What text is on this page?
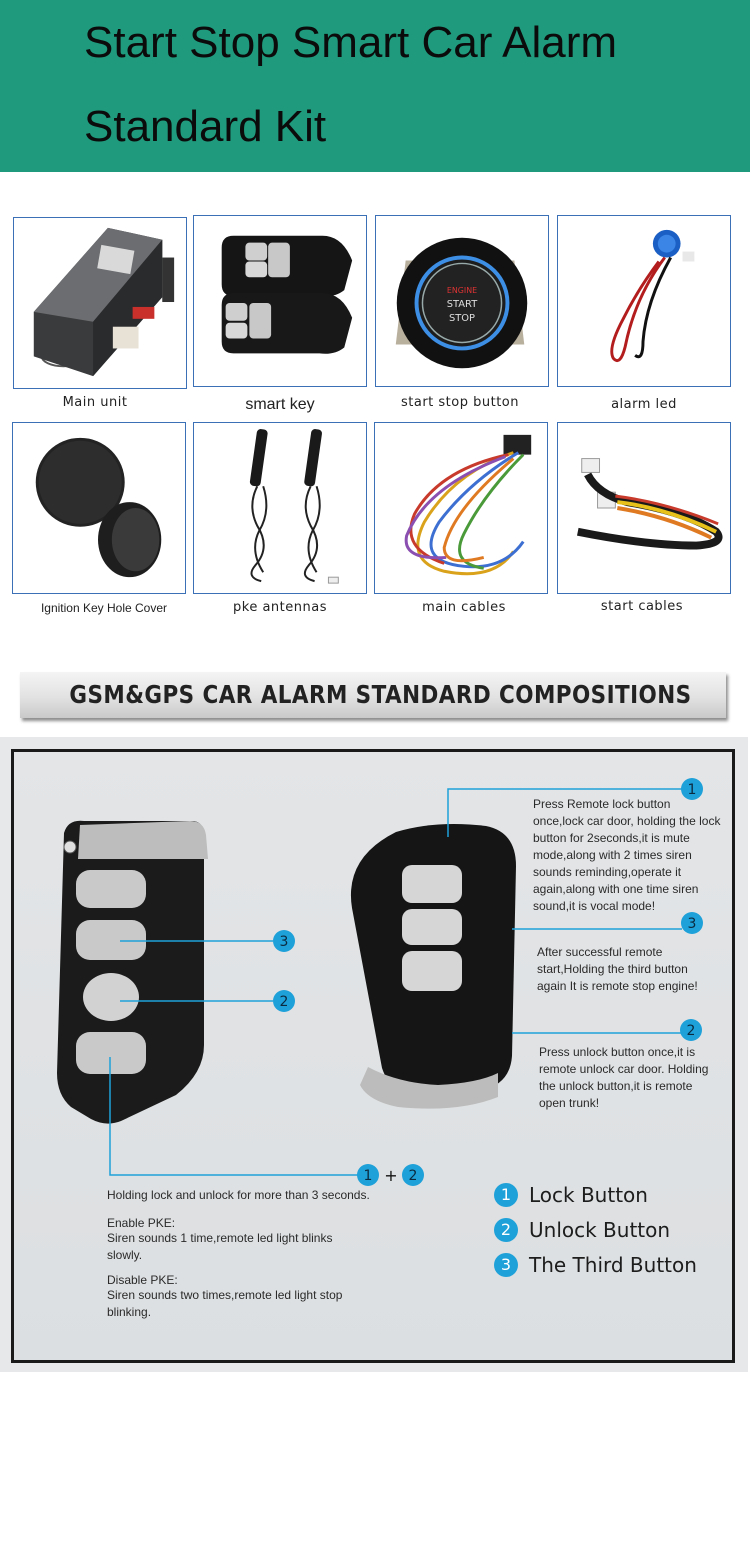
Start Stop Smart Car Alarm
Standard Kit
Main unit	smart key
ENGINE
START
STOP
start stop button	alarm led
Ignition Key Hole Cover	pke antennas	main cables	start cables
GSM&GPS CAR ALARM STANDARD COMPOSITIONS
1
3
2
3
2
1 + 2
Press Remote lock button once,lock car door, holding the lock button for 2seconds,it is mute mode,along with 2 times siren sounds reminding,operate it again,along with one time siren sound,it is vocal mode!
After successful remote start,Holding the third button again It is remote stop engine!
Press unlock button once,it is remote unlock car door. Holding the unlock button,it is remote open trunk!
Holding lock and unlock for more than 3 seconds.
Enable PKE:
Siren sounds 1 time,remote led light blinks slowly.
Disable PKE:
Siren sounds two times,remote led light stop blinking.
1 Lock Button
2 Unlock Button
3 The Third Button
